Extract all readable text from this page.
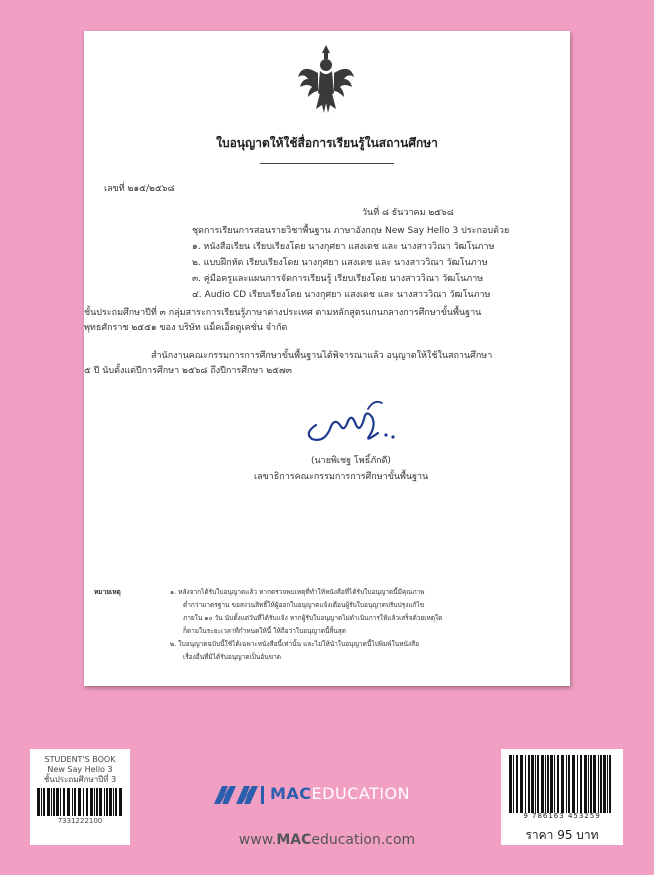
ใบอนุญาตให้ใช้สื่อการเรียนรู้ในสถานศึกษา
เลขที่ ๒๑๕/๒๕๖๘
วันที่ ๘ ธันวาคม ๒๕๖๘
ชุดการเรียนการสอนรายวิชาพื้นฐาน ภาษาอังกฤษ New Say Hello 3 ประกอบด้วย
๑. หนังสือเรียน เรียบเรียงโดย นางกุศยา แสงเดช และ นางสาววิณา วัฒโนภาษ
๒. แบบฝึกหัด เรียบเรียงโดย นางกุศยา แสงเดช และ นางสาววิณา วัฒโนภาษ
๓. คู่มือครูและแผนการจัดการเรียนรู้ เรียบเรียงโดย นางสาววิณา วัฒโนภาษ
๔. Audio CD เรียบเรียงโดย นางกุศยา แสงเดช และ นางสาววิณา วัฒโนภาษ
ชั้นประถมศึกษาปีที่ ๓ กลุ่มสาระการเรียนรู้ภาษาต่างประเทศ ตามหลักสูตรแกนกลางการศึกษาขั้นพื้นฐาน
พุทธศักราช ๒๕๕๑ ของ บริษัท แม็คเอ็ดดูเคชั่น จำกัด
สำนักงานคณะกรรมการการศึกษาขั้นพื้นฐานได้พิจารณาแล้ว อนุญาตให้ใช้ในสถานศึกษา
๕ ปี นับตั้งแต่ปีการศึกษา ๒๕๖๘ ถึงปีการศึกษา ๒๕๗๓
(นายพิเชฐ โพธิ์ภักดี)
เลขาธิการคณะกรรมการการศึกษาขั้นพื้นฐาน
หมายเหตุ	๑. หลังจากได้รับใบอนุญาตแล้ว หากตรวจพบเหตุที่ทำให้หนังสือที่ได้รับใบอนุญาตนี้มีคุณภาพ
ต่ำกว่ามาตรฐาน ขอสงวนสิทธิ์ให้ผู้ออกใบอนุญาตแจ้งเตือนผู้รับใบอนุญาตปรับปรุงแก้ไข
ภายใน ๑๐ วัน นับตั้งแต่วันที่ได้รับแจ้ง หากผู้รับใบอนุญาตไม่ดำเนินการให้แล้วเสร็จด้วยเหตุใด
ก็ตามในระยะเวลาที่กำหนดให้นี้ ให้ถือว่าใบอนุญาตนี้สิ้นสุด
๒. ใบอนุญาตฉบับนี้ใช้ได้เฉพาะหนังสือนี้เท่านั้น และไม่ให้นำใบอนุญาตนี้ไปพิมพ์ในหนังสือ
เรื่องอื่นที่มิได้รับอนุญาตเป็นอันขาด
STUDENT'S BOOK
New Say Hello 3
ชั้นประถมศึกษาปีที่ 3
7331222100
9 786163 453259
ราคา 95 บาท
MACEDUCATION
www.MACeducation.com
